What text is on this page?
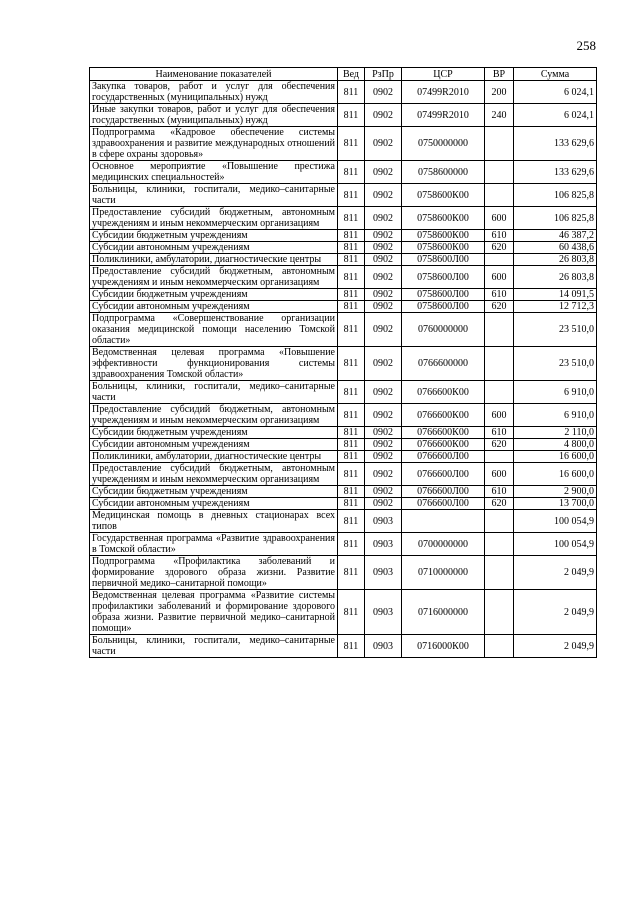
258
Наименование показателей	Вед	РзПр	ЦСР	ВР	Сумма
Закупка товаров, работ и услуг для обеспечения государственных (муниципальных) нужд	811	0902	07499R2010	200	6 024,1
Иные закупки товаров, работ и услуг для обеспечения государственных (муниципальных) нужд	811	0902	07499R2010	240	6 024,1
Подпрограмма «Кадровое обеспечение системы здравоохранения и развитие международных отношений в сфере охраны здоровья»	811	0902	0750000000		133 629,6
Основное мероприятие «Повышение престижа медицинских специальностей»	811	0902	0758600000		133 629,6
Больницы, клиники, госпитали, медико–санитарные части	811	0902	0758600К00		106 825,8
Предоставление субсидий бюджетным, автономным учреждениям и иным некоммерческим организациям	811	0902	0758600К00	600	106 825,8
Субсидии бюджетным учреждениям	811	0902	0758600К00	610	46 387,2
Субсидии автономным учреждениям	811	0902	0758600К00	620	60 438,6
Поликлиники, амбулатории, диагностические центры	811	0902	0758600Л00		26 803,8
Предоставление субсидий бюджетным, автономным учреждениям и иным некоммерческим организациям	811	0902	0758600Л00	600	26 803,8
Субсидии бюджетным учреждениям	811	0902	0758600Л00	610	14 091,5
Субсидии автономным учреждениям	811	0902	0758600Л00	620	12 712,3
Подпрограмма «Совершенствование организации оказания медицинской помощи населению Томской области»	811	0902	0760000000		23 510,0
Ведомственная целевая программа «Повышение эффективности функционирования системы здравоохранения Томской области»	811	0902	0766600000		23 510,0
Больницы, клиники, госпитали, медико–санитарные части	811	0902	0766600К00		6 910,0
Предоставление субсидий бюджетным, автономным учреждениям и иным некоммерческим организациям	811	0902	0766600К00	600	6 910,0
Субсидии бюджетным учреждениям	811	0902	0766600К00	610	2 110,0
Субсидии автономным учреждениям	811	0902	0766600К00	620	4 800,0
Поликлиники, амбулатории, диагностические центры	811	0902	0766600Л00		16 600,0
Предоставление субсидий бюджетным, автономным учреждениям и иным некоммерческим организациям	811	0902	0766600Л00	600	16 600,0
Субсидии бюджетным учреждениям	811	0902	0766600Л00	610	2 900,0
Субсидии автономным учреждениям	811	0902	0766600Л00	620	13 700,0
Медицинская помощь в дневных стационарах всех типов	811	0903			100 054,9
Государственная программа «Развитие здравоохранения в Томской области»	811	0903	0700000000		100 054,9
Подпрограмма «Профилактика заболеваний и формирование здорового образа жизни. Развитие первичной медико–санитарной помощи»	811	0903	0710000000		2 049,9
Ведомственная целевая программа «Развитие системы профилактики заболеваний и формирование здорового образа жизни. Развитие первичной медико–санитарной помощи»	811	0903	0716000000		2 049,9
Больницы, клиники, госпитали, медико–санитарные части	811	0903	0716000К00		2 049,9
